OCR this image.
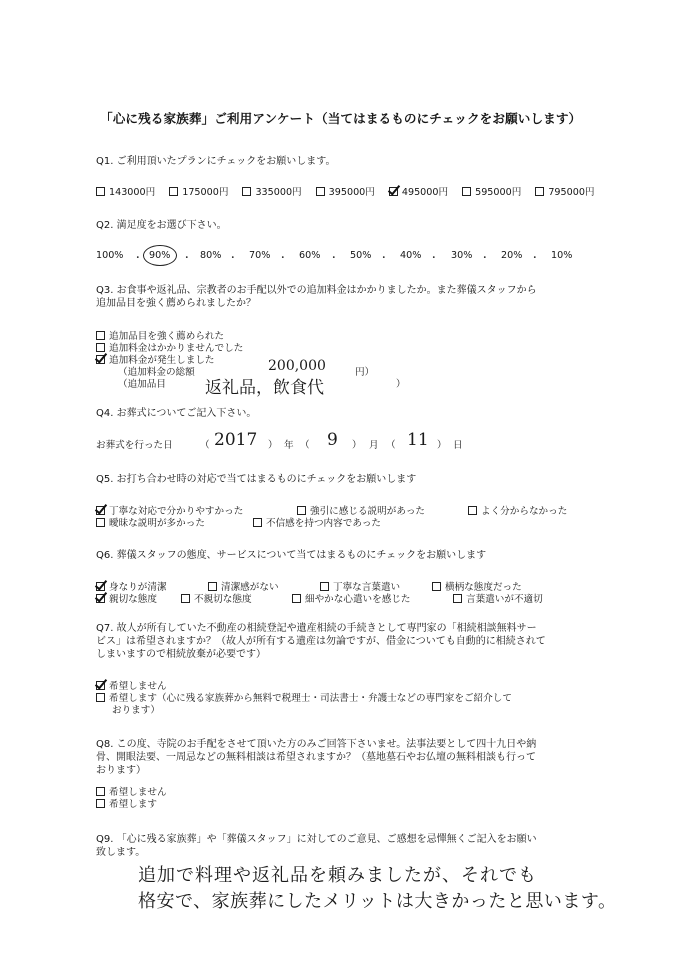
「心に残る家族葬」ご利用アンケート（当てはまるものにチェックをお願いします）
Q1. ご利用頂いたプランにチェックをお願いします。
143000円	175000円	335000円	395000円	495000円	595000円	795000円
Q2. 満足度をお選び下さい。
100% ・ 90% ・ 80% ・ 70% ・ 60% ・ 50% ・ 40% ・ 30% ・ 20% ・ 10%
Q3. お食事や返礼品、宗教者のお手配以外での追加料金はかかりましたか。また葬儀スタッフから
追加品目を強く薦められましたか？
追加品目を強く薦められた
追加料金はかかりませんでした
追加料金が発生しました
（追加料金の総額	200,000	円）
（追加品目 返礼品，飲食代	）
Q4. お葬式についてご記入下さい。
お葬式を行った日	（ 2017 ） 年 （ 9 ） 月 （ 11 ） 日
Q5. お打ち合わせ時の対応で当てはまるものにチェックをお願いします
丁寧な対応で分かりやすかった	強引に感じる説明があった	よく分からなかった
曖昧な説明が多かった	不信感を持つ内容であった
Q6. 葬儀スタッフの態度、サービスについて当てはまるものにチェックをお願いします
身なりが清潔	清潔感がない	丁寧な言葉遣い	横柄な態度だった
親切な態度	不親切な態度	細やかな心遣いを感じた	言葉遣いが不適切
Q7. 故人が所有していた不動産の相続登記や遺産相続の手続きとして専門家の「相続相談無料サー
ビス」は希望されますか？（故人が所有する遺産は勿論ですが、借金についても自動的に相続されて
しまいますので相続放棄が必要です）
希望しません
希望します（心に残る家族葬から無料で税理士・司法書士・弁護士などの専門家をご紹介して
おります）
Q8. この度、寺院のお手配をさせて頂いた方のみご回答下さいませ。法事法要として四十九日や納
骨、開眼法要、一周忌などの無料相談は希望されますか？（墓地墓石やお仏壇の無料相談も行って
おります）
希望しません
希望します
Q9. 「心に残る家族葬」や「葬儀スタッフ」に対してのご意見、ご感想を忌憚無くご記入をお願い
致します。
追加で料理や返礼品を頼みましたが、それでも
格安で、家族葬にしたメリットは大きかったと思います。
